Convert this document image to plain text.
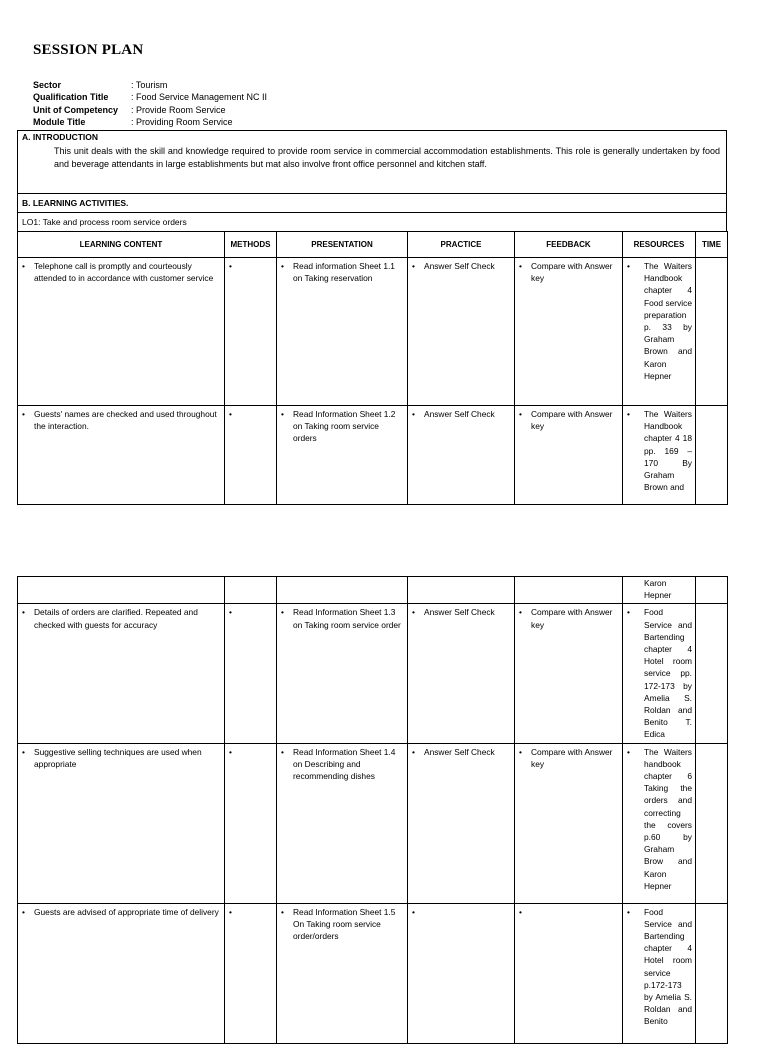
SESSION PLAN
Sector	: Tourism
Qualification Title	: Food Service Management NC II
Unit of Competency	: Provide Room Service
Module Title	: Providing Room Service
A. INTRODUCTION
This unit deals with the skill and knowledge required to provide room service in commercial accommodation establishments. This role is generally undertaken by food and beverage attendants in large establishments but mat also involve front office personnel and kitchen staff.
B. LEARNING ACTIVITIES.
LO1: Take and process room service orders
LEARNING CONTENT	METHODS	PRESENTATION	PRACTICE	FEEDBACK	RESOURCES	TIME

• Telephone call is promptly and courteously attended to in accordance with customer service		• Read information Sheet 1.1 on Taking reservation	• Answer Self Check	• Compare with Answer key	• The Waiters Handbook chapter 4 Food service preparation p. 33 by Graham Brown and Karon Hepner

• Guests' names are checked and used throughout the interaction.		• Read Information Sheet 1.2 on Taking room service orders	• Answer Self Check	• Compare with Answer key	• The Waiters Handbook chapter 4 18 pp. 169 – 170 By Graham Brown and

					Karon Hepner	

• Details of orders are clarified. Repeated and checked with guests for accuracy		• Read Information Sheet 1.3 on Taking room service order	• Answer Self Check	• Compare with Answer key	• Food Service and Bartending chapter 4 Hotel room service pp. 172-173 by Amelia S. Roldan and Benito T. Edica

• Suggestive selling techniques are used when appropriate		• Read Information Sheet 1.4 on Describing and recommending dishes	• Answer Self Check	• Compare with Answer key	• The Waiters handbook chapter 6 Taking the orders and correcting the covers p.60 by Graham Brow and Karon Hepner

• Guests are advised of appropriate time of delivery		• Read Information Sheet 1.5 On Taking room service order/orders			• Food Service and Bartending chapter 4 Hotel room service p.172-173 by Amelia S. Roldan and Benito
